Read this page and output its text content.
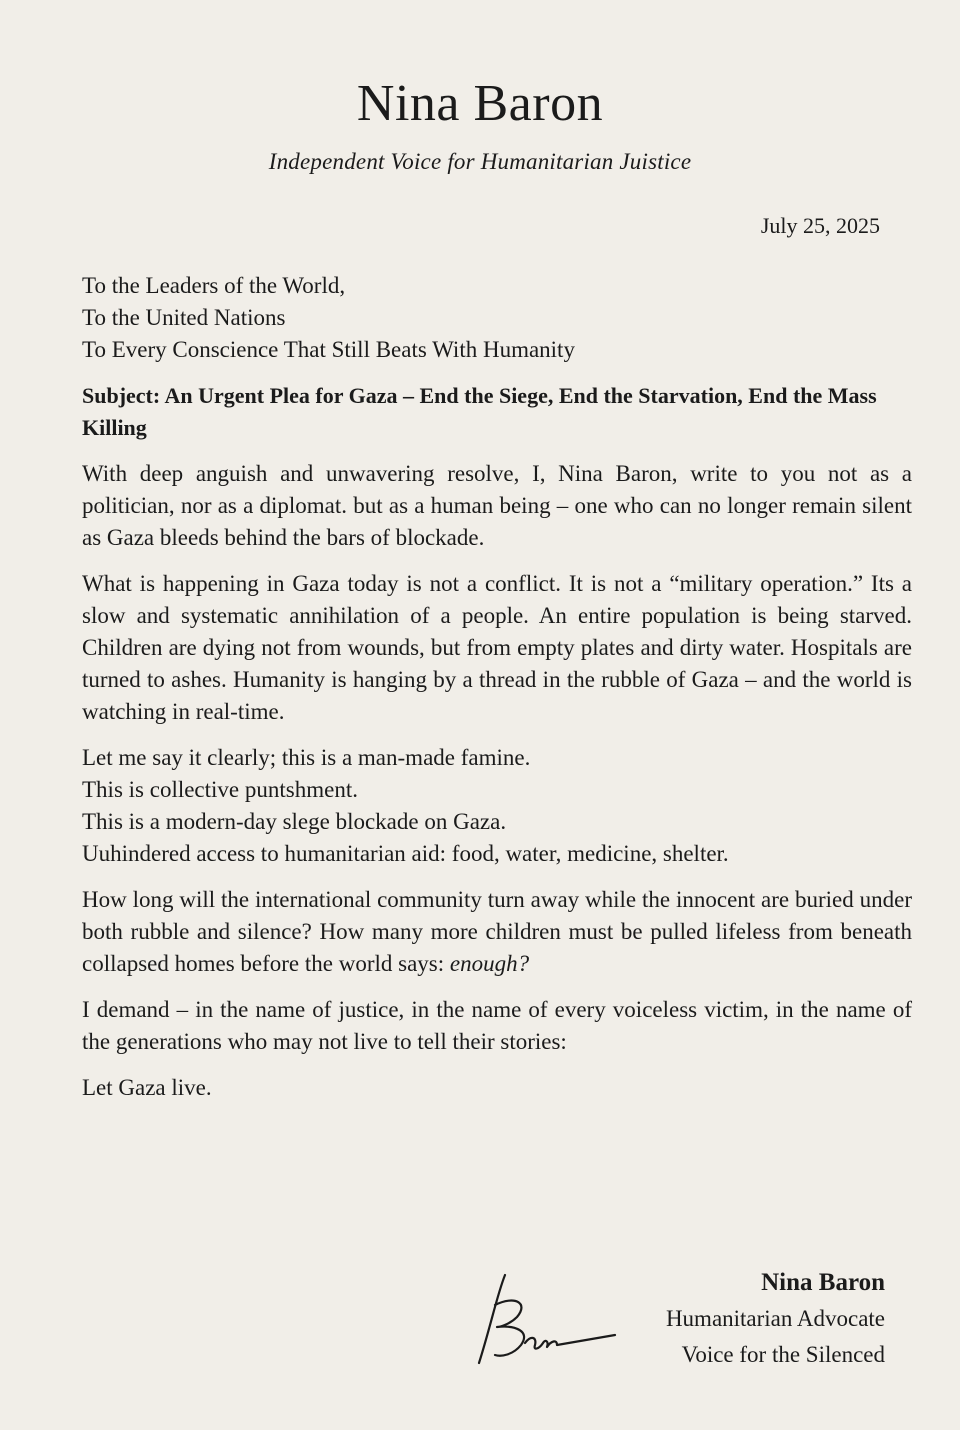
Nina Baron
Independent Voice for Humanitarian Juistice
July 25, 2025
To the Leaders of the World,
To the United Nations
To Every Conscience That Still Beats With Humanity
Subject: An Urgent Plea for Gaza – End the Siege, End the Starvation, End the Mass Killing
With deep anguish and unwavering resolve, I, Nina Baron, write to you not as a politician, nor as a diplomat. but as a human being – one who can no longer remain silent as Gaza bleeds behind the bars of blockade.
What is happening in Gaza today is not a conflict. It is not a “military operation.” Its a slow and systematic annihilation of a people. An entire population is being starved. Children are dying not from wounds, but from empty plates and dirty water. Hospitals are turned to ashes. Humanity is hanging by a thread in the rubble of Gaza – and the world is watching in real-time.
Let me say it clearly; this is a man-made famine.
This is collective puntshment.
This is a modern-day slege blockade on Gaza.
Uuhindered access to humanitarian aid: food, water, medicine, shelter.
How long will the international community turn away while the innocent are buried under both rubble and silence? How many more children must be pulled lifeless from beneath collapsed homes before the world says: enough?
I demand – in the name of justice, in the name of every voiceless victim, in the name of the generations who may not live to tell their stories:
Let Gaza live.
Nina Baron
Humanitarian Advocate
Voice for the Silenced
